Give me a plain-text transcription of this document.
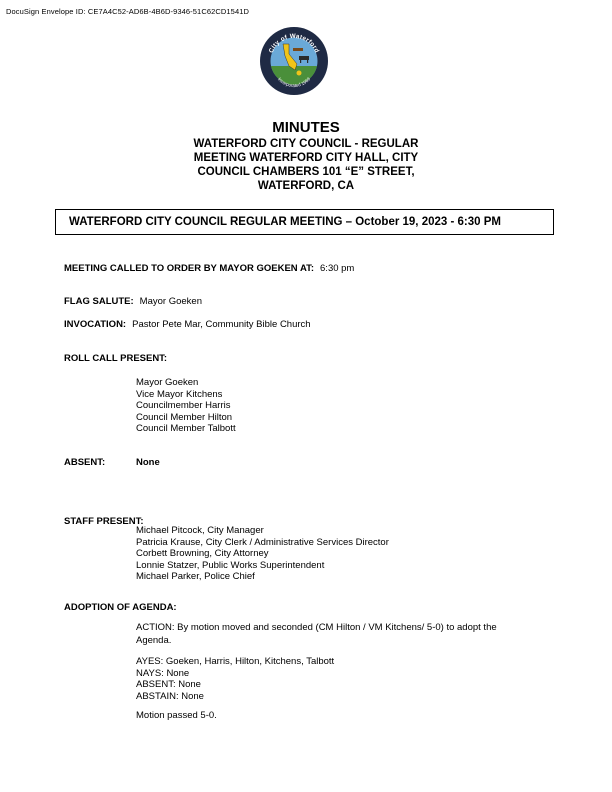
DocuSign Envelope ID: CE7A4C52-AD6B-4B6D-9346-51C62CD1541D
City of Waterford
Incorporated 1969
MINUTES
WATERFORD CITY COUNCIL - REGULAR
MEETING WATERFORD CITY HALL, CITY
COUNCIL CHAMBERS 101 “E” STREET,
WATERFORD, CA
WATERFORD CITY COUNCIL REGULAR MEETING – October 19, 2023 - 6:30 PM
MEETING CALLED TO ORDER BY MAYOR GOEKEN AT: 6:30 pm
FLAG SALUTE: Mayor Goeken
INVOCATION: Pastor Pete Mar, Community Bible Church
ROLL CALL PRESENT:
Mayor Goeken
Vice Mayor Kitchens
Councilmember Harris
Council Member Hilton
Council Member Talbott
ABSENT:	None
STAFF PRESENT:
Michael Pitcock, City Manager
Patricia Krause, City Clerk / Administrative Services Director
Corbett Browning, City Attorney
Lonnie Statzer, Public Works Superintendent
Michael Parker, Police Chief
ADOPTION OF AGENDA:

ACTION: By motion moved and seconded (CM Hilton / VM Kitchens/ 5-0) to adopt the Agenda.

AYES: Goeken, Harris, Hilton, Kitchens, Talbott
NAYS: None
ABSENT: None
ABSTAIN: None
Motion passed 5-0.
